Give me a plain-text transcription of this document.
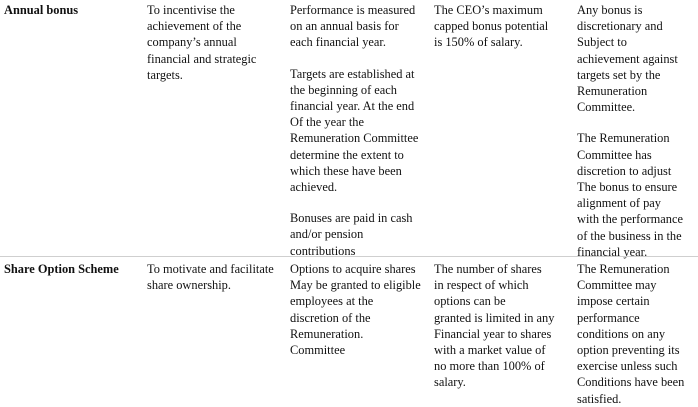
Annual bonus	To incentivise the
achievement of the
company’s annual
financial and strategic
targets.

Performance is measured
on an annual basis for
each financial year.

Targets are established at
the beginning of each
financial year. At the end
Of the year the
Remuneration Committee
determine the extent to
which these have been
achieved.

Bonuses are paid in cash
and/or pension
contributions

The CEO’s maximum
capped bonus potential
is 150% of salary.

Any bonus is
discretionary and
Subject to
achievement against
targets set by the
Remuneration
Committee.

The Remuneration
Committee has
discretion to adjust
The bonus to ensure
alignment of pay
with the performance
of the business in the
financial year.

Share Option Scheme	To motivate and facilitate
share ownership.

Options to acquire shares
May be granted to eligible
employees at the
discretion of the
Remuneration.
Committee

The number of shares
in respect of which
options can be
granted is limited in any
Financial year to shares
with a market value of
no more than 100% of
salary.

The Remuneration
Committee may
impose certain
performance
conditions on any
option preventing its
exercise unless such
Conditions have been
satisfied.
